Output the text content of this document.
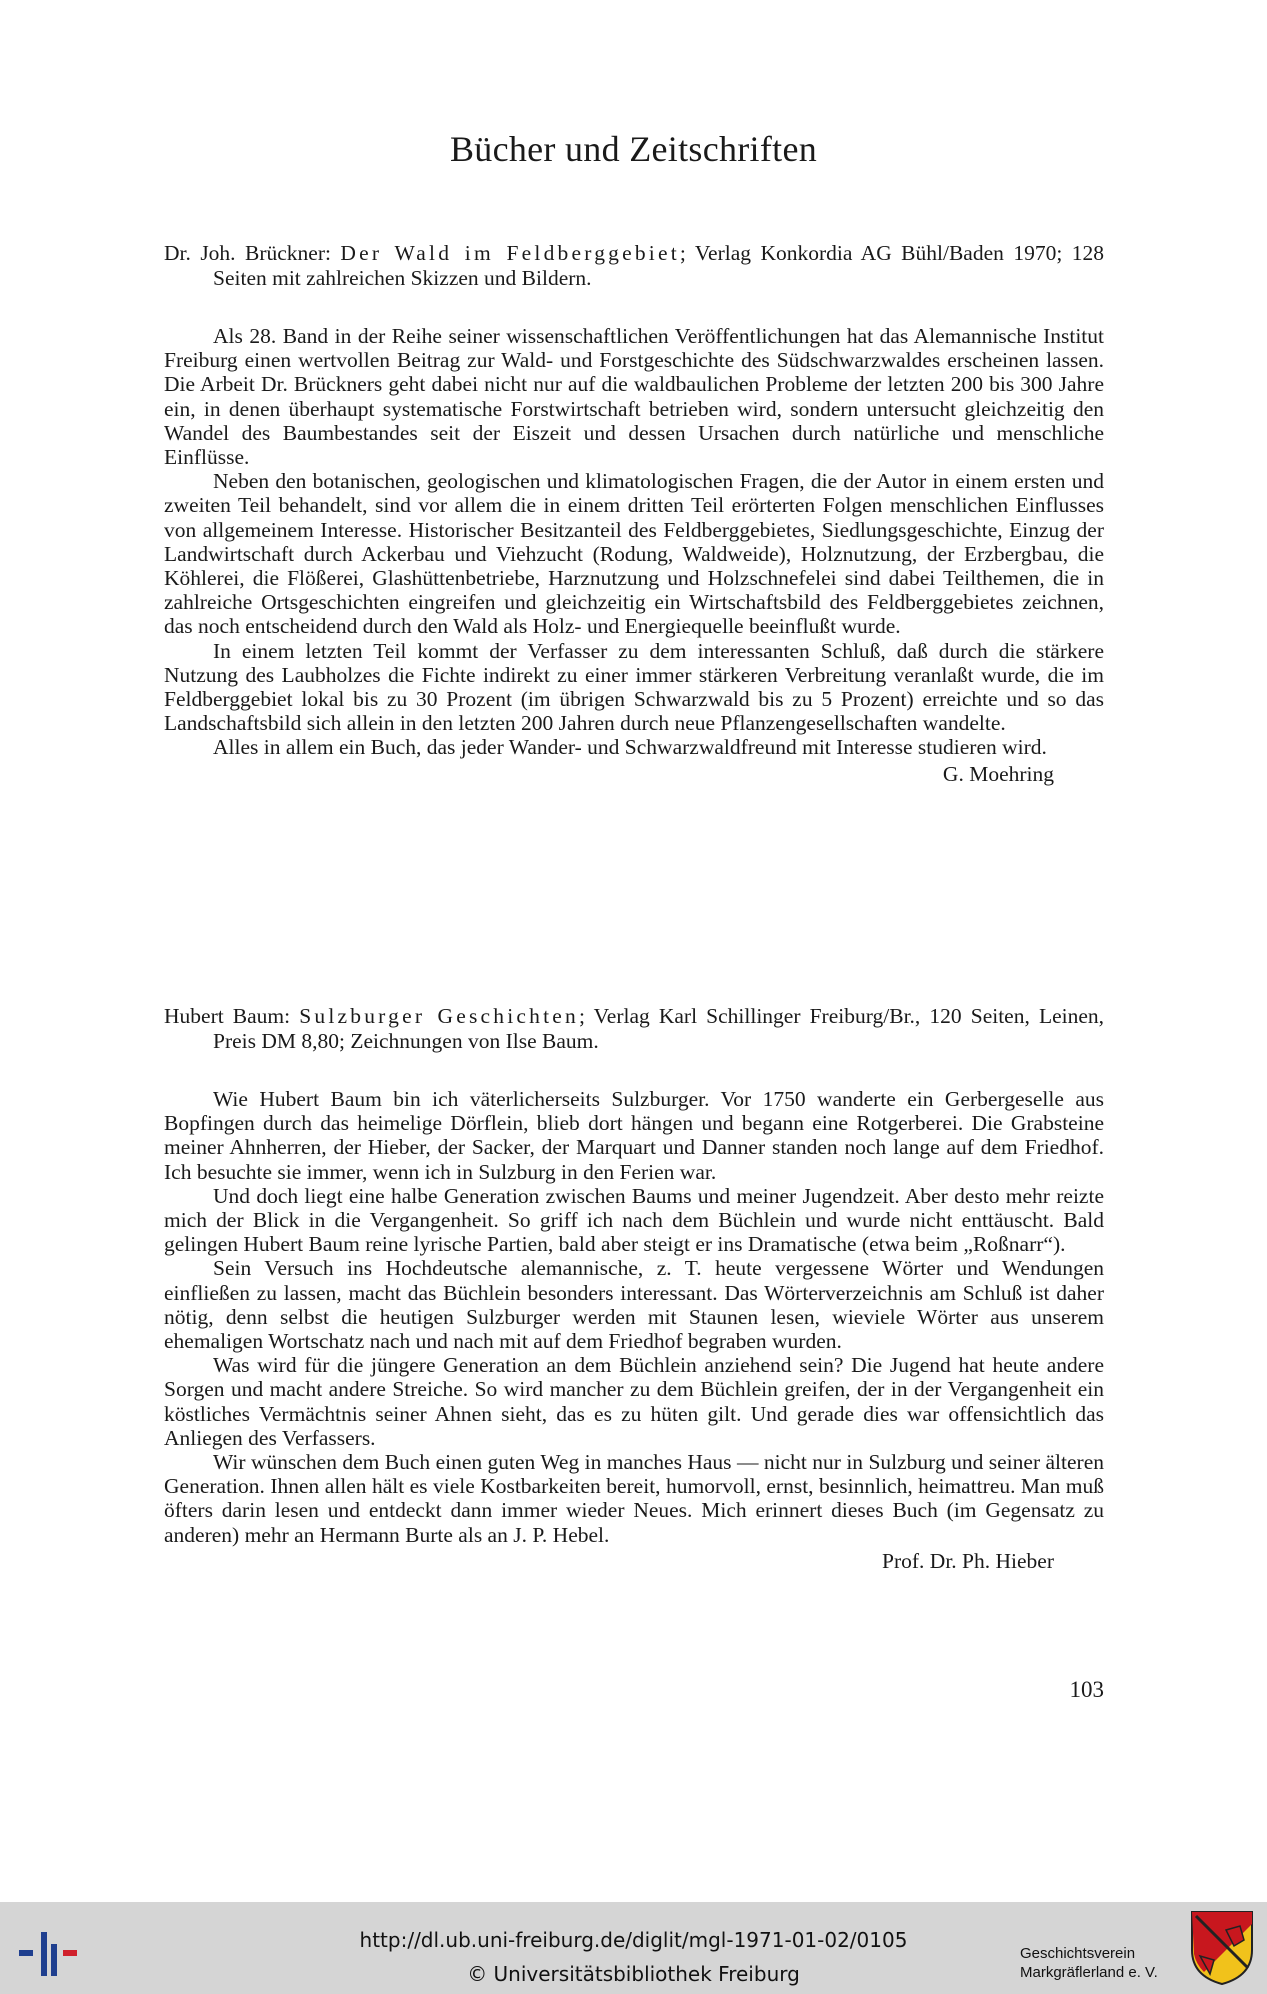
Bücher und Zeitschriften
Dr. Joh. Brückner: Der Wald im Feldberggebiet; Verlag Konkordia AG Bühl/Baden 1970; 128 Seiten mit zahlreichen Skizzen und Bildern.

Als 28. Band in der Reihe seiner wissenschaftlichen Veröffentlichungen hat das Alemannische Institut Freiburg einen wertvollen Beitrag zur Wald- und Forstgeschichte des Südschwarzwaldes erscheinen lassen. Die Arbeit Dr. Brückners geht dabei nicht nur auf die waldbaulichen Probleme der letzten 200 bis 300 Jahre ein, in denen überhaupt systematische Forstwirtschaft betrieben wird, sondern untersucht gleichzeitig den Wandel des Baumbestandes seit der Eiszeit und dessen Ursachen durch natürliche und menschliche Einflüsse.

Neben den botanischen, geologischen und klimatologischen Fragen, die der Autor in einem ersten und zweiten Teil behandelt, sind vor allem die in einem dritten Teil erörterten Folgen menschlichen Einflusses von allgemeinem Interesse. Historischer Besitzanteil des Feldberggebietes, Siedlungsgeschichte, Einzug der Landwirtschaft durch Ackerbau und Viehzucht (Rodung, Waldweide), Holznutzung, der Erzbergbau, die Köhlerei, die Flößerei, Glashüttenbetriebe, Harznutzung und Holzschnefelei sind dabei Teilthemen, die in zahlreiche Ortsgeschichten eingreifen und gleichzeitig ein Wirtschaftsbild des Feldberggebietes zeichnen, das noch entscheidend durch den Wald als Holz- und Energiequelle beeinflußt wurde.

In einem letzten Teil kommt der Verfasser zu dem interessanten Schluß, daß durch die stärkere Nutzung des Laubholzes die Fichte indirekt zu einer immer stärkeren Verbreitung veranlaßt wurde, die im Feldberggebiet lokal bis zu 30 Prozent (im übrigen Schwarzwald bis zu 5 Prozent) erreichte und so das Landschaftsbild sich allein in den letzten 200 Jahren durch neue Pflanzengesellschaften wandelte.

Alles in allem ein Buch, das jeder Wander- und Schwarzwaldfreund mit Interesse studieren wird.

G. Moehring
Hubert Baum: Sulzburger Geschichten; Verlag Karl Schillinger Freiburg/Br., 120 Seiten, Leinen, Preis DM 8,80; Zeichnungen von Ilse Baum.

Wie Hubert Baum bin ich väterlicherseits Sulzburger. Vor 1750 wanderte ein Gerbergeselle aus Bopfingen durch das heimelige Dörflein, blieb dort hängen und begann eine Rotgerberei. Die Grabsteine meiner Ahnherren, der Hieber, der Sacker, der Marquart und Danner standen noch lange auf dem Friedhof. Ich besuchte sie immer, wenn ich in Sulzburg in den Ferien war.

Und doch liegt eine halbe Generation zwischen Baums und meiner Jugendzeit. Aber desto mehr reizte mich der Blick in die Vergangenheit. So griff ich nach dem Büchlein und wurde nicht enttäuscht. Bald gelingen Hubert Baum reine lyrische Partien, bald aber steigt er ins Dramatische (etwa beim „Roßnarr“).

Sein Versuch ins Hochdeutsche alemannische, z. T. heute vergessene Wörter und Wendungen einfließen zu lassen, macht das Büchlein besonders interessant. Das Wörterverzeichnis am Schluß ist daher nötig, denn selbst die heutigen Sulzburger werden mit Staunen lesen, wieviele Wörter aus unserem ehemaligen Wortschatz nach und nach mit auf dem Friedhof begraben wurden.

Was wird für die jüngere Generation an dem Büchlein anziehend sein? Die Jugend hat heute andere Sorgen und macht andere Streiche. So wird mancher zu dem Büchlein greifen, der in der Vergangenheit ein köstliches Vermächtnis seiner Ahnen sieht, das es zu hüten gilt. Und gerade dies war offensichtlich das Anliegen des Verfassers.

Wir wünschen dem Buch einen guten Weg in manches Haus — nicht nur in Sulzburg und seiner älteren Generation. Ihnen allen hält es viele Kostbarkeiten bereit, humorvoll, ernst, besinnlich, heimattreu. Man muß öfters darin lesen und entdeckt dann immer wieder Neues. Mich erinnert dieses Buch (im Gegensatz zu anderen) mehr an Hermann Burte als an J. P. Hebel.

Prof. Dr. Ph. Hieber
103
http://dl.ub.uni-freiburg.de/diglit/mgl-1971-01-02/0105
© Universitätsbibliothek Freiburg
Geschichtsverein
Markgräflerland e. V.
